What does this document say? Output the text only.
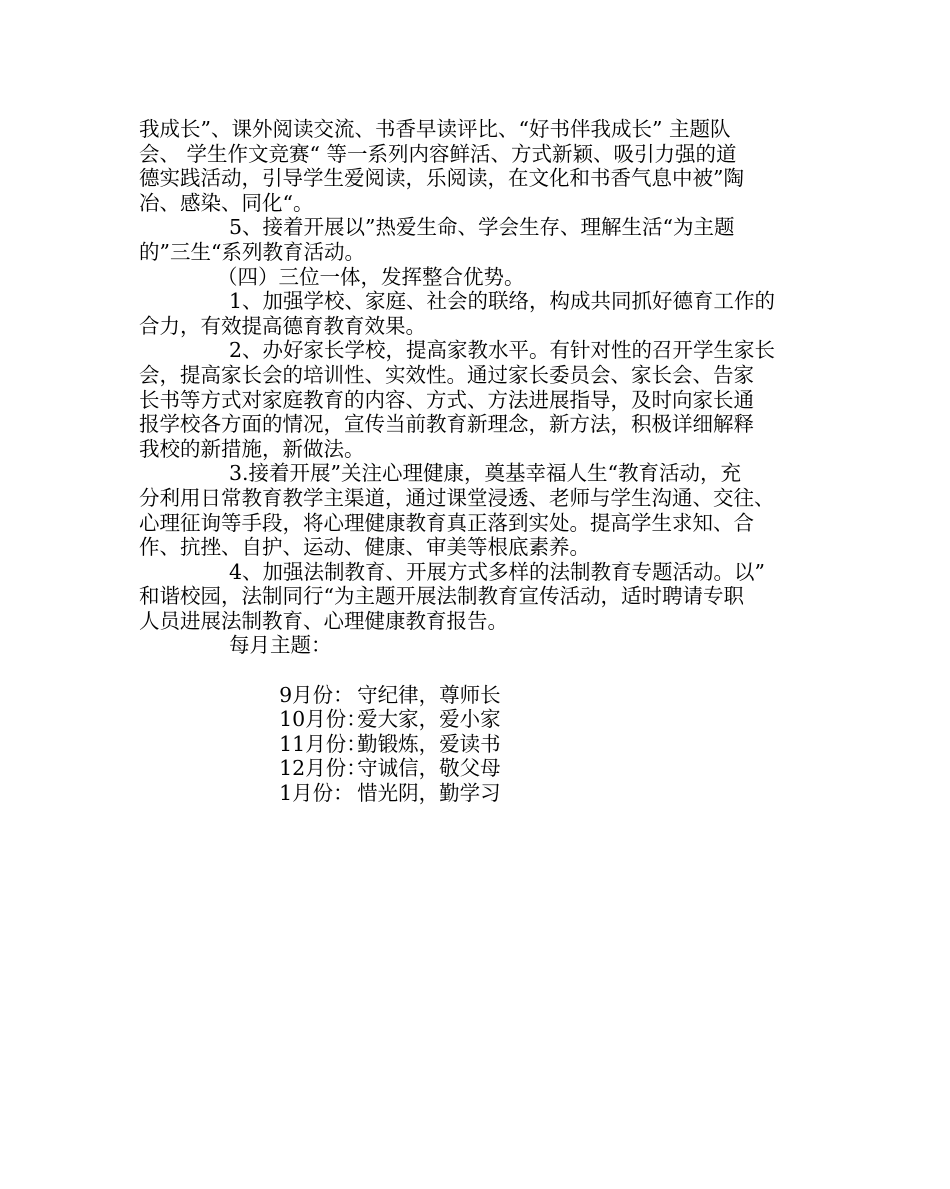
我成长”、课外阅读交流、书香早读评比、“好书伴我成长” 主题队
会、 学生作文竞赛“ 等一系列内容鲜活、方式新颖、吸引力强的道
德实践活动，引导学生爱阅读，乐阅读，在文化和书香气息中被”陶
冶、感染、同化“。
5、接着开展以”热爱生命、学会生存、理解生活“为主题
的”三生“系列教育活动。
（四）三位一体，发挥整合优势。
1、加强学校、家庭、社会的联络，构成共同抓好德育工作的
合力，有效提高德育教育效果。
2、办好家长学校，提高家教水平。有针对性的召开学生家长
会，提高家长会的培训性、实效性。通过家长委员会、家长会、告家
长书等方式对家庭教育的内容、方式、方法进展指导，及时向家长通
报学校各方面的情况，宣传当前教育新理念，新方法，积极详细解释
我校的新措施，新做法。
3.接着开展”关注心理健康，奠基幸福人生“教育活动，充
分利用日常教育教学主渠道，通过课堂浸透、老师与学生沟通、交往、
心理征询等手段，将心理健康教育真正落到实处。提高学生求知、合
作、抗挫、自护、运动、健康、审美等根底素养。
4、加强法制教育、开展方式多样的法制教育专题活动。以”
和谐校园，法制同行“为主题开展法制教育宣传活动，适时聘请专职
人员进展法制教育、心理健康教育报告。
每月主题：

9月份： 守纪律，尊师长

10月份：爱大家，爱小家

11月份：勤锻炼，爱读书

12月份：守诚信，敬父母

1月份： 惜光阴，勤学习
